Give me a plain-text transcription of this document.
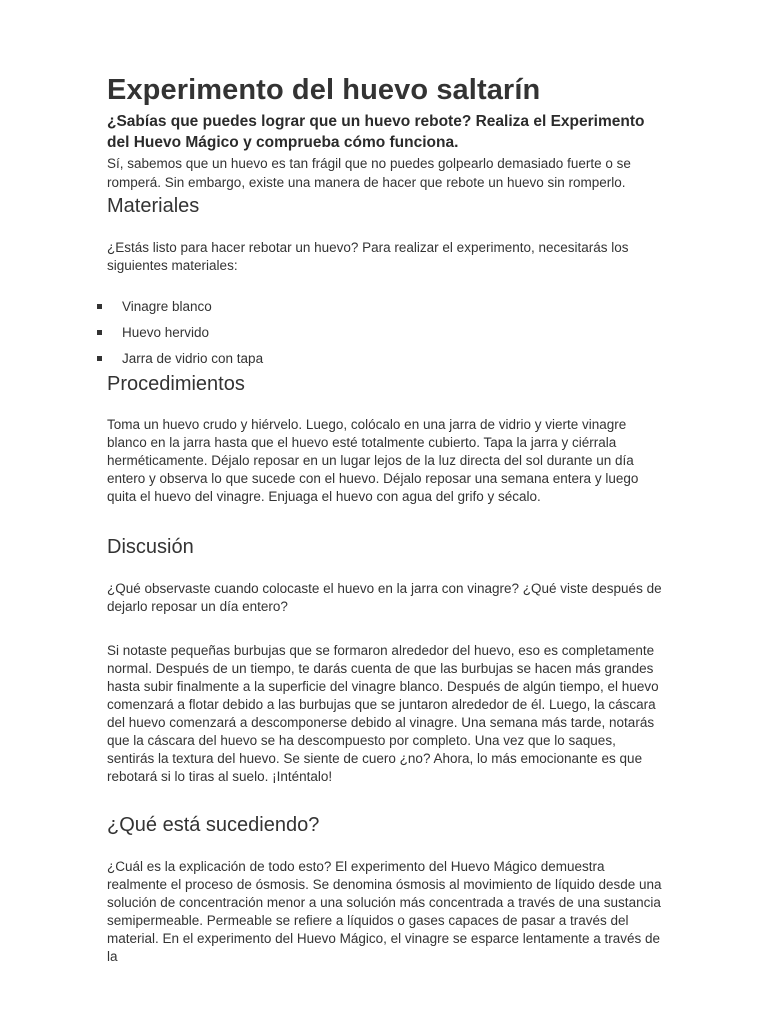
Experimento del huevo saltarín

¿Sabías que puedes lograr que un huevo rebote? Realiza el Experimento del Huevo Mágico y comprueba cómo funciona.

Sí, sabemos que un huevo es tan frágil que no puedes golpearlo demasiado fuerte o se romperá. Sin embargo, existe una manera de hacer que rebote un huevo sin romperlo.

Materiales

¿Estás listo para hacer rebotar un huevo? Para realizar el experimento, necesitarás los siguientes materiales:

Vinagre blanco
Huevo hervido
Jarra de vidrio con tapa
Procedimientos

Toma un huevo crudo y hiérvelo. Luego, colócalo en una jarra de vidrio y vierte vinagre blanco en la jarra hasta que el huevo esté totalmente cubierto. Tapa la jarra y ciérrala herméticamente. Déjalo reposar en un lugar lejos de la luz directa del sol durante un día entero y observa lo que sucede con el huevo. Déjalo reposar una semana entera y luego quita el huevo del vinagre. Enjuaga el huevo con agua del grifo y sécalo.

Discusión

¿Qué observaste cuando colocaste el huevo en la jarra con vinagre? ¿Qué viste después de dejarlo reposar un día entero?

Si notaste pequeñas burbujas que se formaron alrededor del huevo, eso es completamente normal. Después de un tiempo, te darás cuenta de que las burbujas se hacen más grandes hasta subir finalmente a la superficie del vinagre blanco. Después de algún tiempo, el huevo comenzará a flotar debido a las burbujas que se juntaron alrededor de él. Luego, la cáscara del huevo comenzará a descomponerse debido al vinagre. Una semana más tarde, notarás que la cáscara del huevo se ha descompuesto por completo. Una vez que lo saques, sentirás la textura del huevo. Se siente de cuero ¿no? Ahora, lo más emocionante es que rebotará si lo tiras al suelo. ¡Inténtalo!

¿Qué está sucediendo?

¿Cuál es la explicación de todo esto? El experimento del Huevo Mágico demuestra realmente el proceso de ósmosis. Se denomina ósmosis al movimiento de líquido desde una solución de concentración menor a una solución más concentrada a través de una sustancia semipermeable. Permeable se refiere a líquidos o gases capaces de pasar a través del material. En el experimento del Huevo Mágico, el vinagre se esparce lentamente a través de la
